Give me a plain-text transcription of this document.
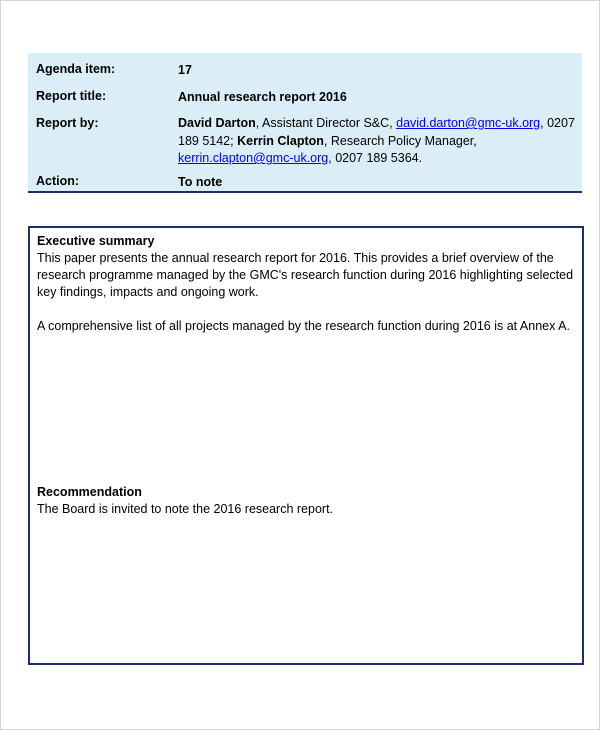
Agenda item:	17
Report title:	Annual research report 2016
Report by:	David Darton, Assistant Director S&C, david.darton@gmc-uk.org, 0207 189 5142; Kerrin Clapton, Research Policy Manager, kerrin.clapton@gmc-uk.org, 0207 189 5364.
Action:	To note
Executive summary

This paper presents the annual research report for 2016. This provides a brief overview of the research programme managed by the GMC's research function during 2016 highlighting selected key findings, impacts and ongoing work.

A comprehensive list of all projects managed by the research function during 2016 is at Annex A.

Recommendation

The Board is invited to note the 2016 research report.
